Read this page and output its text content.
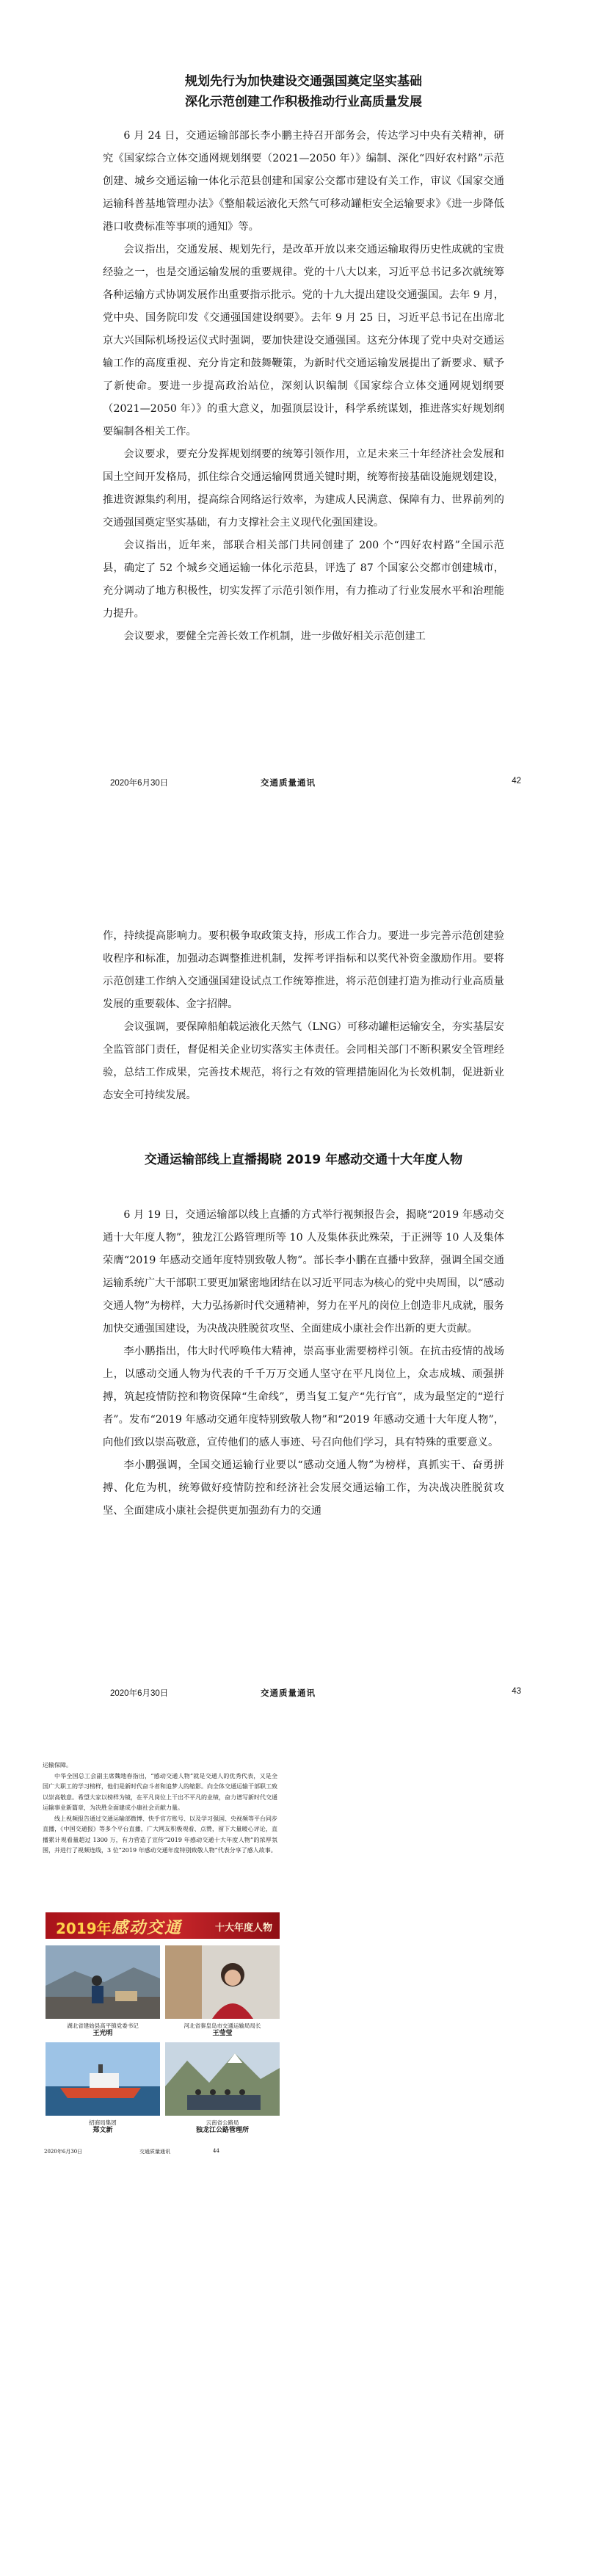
规划先行为加快建设交通强国奠定坚实基础
深化示范创建工作积极推动行业高质量发展

6 月 24 日，交通运输部部长李小鹏主持召开部务会，传达学习中央有关精神，研究《国家综合立体交通网规划纲要（2021—2050 年）》编制、深化“四好农村路”示范创建、城乡交通运输一体化示范县创建和国家公交都市建设有关工作，审议《国家交通运输科普基地管理办法》《整船载运液化天然气可移动罐柜安全运输要求》《进一步降低港口收费标准等事项的通知》等。

会议指出，交通发展、规划先行，是改革开放以来交通运输取得历史性成就的宝贵经验之一，也是交通运输发展的重要规律。党的十八大以来，习近平总书记多次就统筹各种运输方式协调发展作出重要指示批示。党的十九大提出建设交通强国。去年 9 月，党中央、国务院印发《交通强国建设纲要》。去年 9 月 25 日，习近平总书记在出席北京大兴国际机场投运仪式时强调，要加快建设交通强国。这充分体现了党中央对交通运输工作的高度重视、充分肯定和鼓舞鞭策，为新时代交通运输发展提出了新要求、赋予了新使命。要进一步提高政治站位，深刻认识编制《国家综合立体交通网规划纲要（2021—2050 年）》的重大意义，加强顶层设计，科学系统谋划，推进落实好规划纲要编制各相关工作。

会议要求，要充分发挥规划纲要的统筹引领作用，立足未来三十年经济社会发展和国土空间开发格局，抓住综合交通运输网贯通关键时期，统筹衔接基础设施规划建设，推进资源集约利用，提高综合网络运行效率，为建成人民满意、保障有力、世界前列的交通强国奠定坚实基础，有力支撑社会主义现代化强国建设。

会议指出，近年来，部联合相关部门共同创建了 200 个“四好农村路”全国示范县，确定了 52 个城乡交通运输一体化示范县，评选了 87 个国家公交都市创建城市，充分调动了地方积极性，切实发挥了示范引领作用，有力推动了行业发展水平和治理能力提升。

会议要求，要健全完善长效工作机制，进一步做好相关示范创建工

2020年6月30日	交通质量通讯	42

作，持续提高影响力。要积极争取政策支持，形成工作合力。要进一步完善示范创建验收程序和标准，加强动态调整推进机制，发挥考评指标和以奖代补资金激励作用。要将示范创建工作纳入交通强国建设试点工作统筹推进，将示范创建打造为推动行业高质量发展的重要载体、金字招牌。

会议强调，要保障船舶载运液化天然气（LNG）可移动罐柜运输安全，夯实基层安全监管部门责任，督促相关企业切实落实主体责任。会同相关部门不断积累安全管理经验，总结工作成果，完善技术规范，将行之有效的管理措施固化为长效机制，促进新业态安全可持续发展。

交通运输部线上直播揭晓 2019 年感动交通十大年度人物

6 月 19 日，交通运输部以线上直播的方式举行视频报告会，揭晓“2019 年感动交通十大年度人物”，独龙江公路管理所等 10 人及集体获此殊荣，于正洲等 10 人及集体荣膺“2019 年感动交通年度特别致敬人物”。部长李小鹏在直播中致辞，强调全国交通运输系统广大干部职工要更加紧密地团结在以习近平同志为核心的党中央周围，以“感动交通人物”为榜样，大力弘扬新时代交通精神，努力在平凡的岗位上创造非凡成就，服务加快交通强国建设，为决战决胜脱贫攻坚、全面建成小康社会作出新的更大贡献。

李小鹏指出，伟大时代呼唤伟大精神，崇高事业需要榜样引领。在抗击疫情的战场上，以感动交通人物为代表的千千万万交通人坚守在平凡岗位上，众志成城、顽强拼搏，筑起疫情防控和物资保障“生命线”，勇当复工复产“先行官”，成为最坚定的“逆行者”。发布“2019 年感动交通年度特别致敬人物”和“2019 年感动交通十大年度人物”，向他们致以崇高敬意，宣传他们的感人事迹、号召向他们学习，具有特殊的重要意义。

李小鹏强调，全国交通运输行业要以“感动交通人物”为榜样，真抓实干、奋勇拼搏、化危为机，统筹做好疫情防控和经济社会发展交通运输工作，为决战决胜脱贫攻坚、全面建成小康社会提供更加强劲有力的交通

2020年6月30日	交通质量通讯	43

运输保障。

中华全国总工会副主席魏地春指出，“感动交通人物”就是交通人的优秀代表，又是全国广大职工的学习榜样，他们是新时代奋斗者和追梦人的缩影。向全体交通运输干部职工致以崇高敬意。希望大家以榜样为镜，在平凡岗位上干出不平凡的业绩，奋力谱写新时代交通运输事业新篇章，为决胜全面建成小康社会贡献力量。

线上视频报告通过交通运输部微博、快手官方账号、以及学习强国、央视频等平台同步直播，《中国交通报》等多个平台直播，广大网友积极观看、点赞，留下大量暖心评论，直播累计观看量超过 1300 万，有力营造了宣传“2019 年感动交通十大年度人物”的浓厚氛围，并进行了视频连线，3 位“2019 年感动交通年度特别致敬人物”代表分享了感人故事。

2019年 感动交通	十大年度人物
湖北省建始县高平镇党委书记
王光明
河北省秦皇岛市交通运输局局长
王莹莹
招商局集团
郑文新
云南省公路局
独龙江公路管理所
2020年6月30日	交通质量通讯	44
